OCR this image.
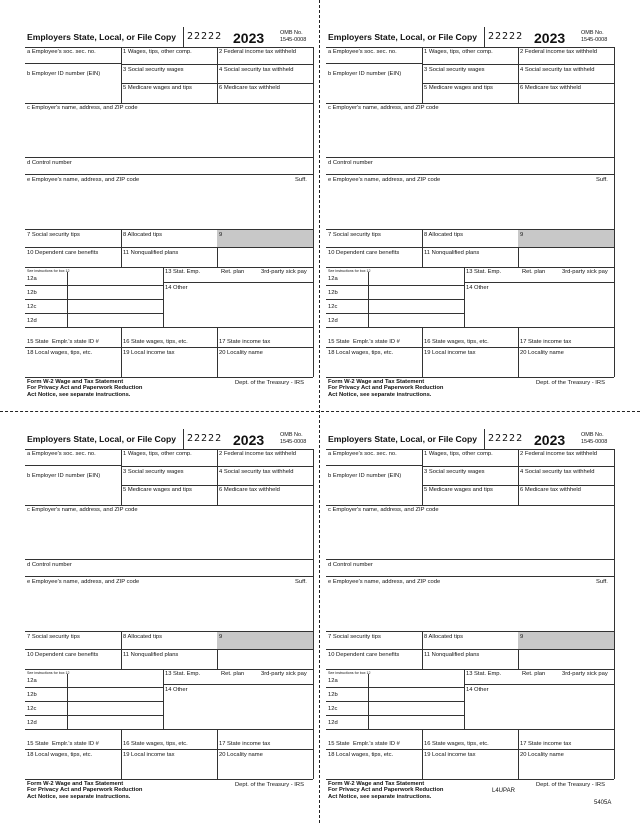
Employers State, Local, or File Copy 22222 2023	OMB No.
1545-0008
a Employee's soc. sec. no.
b Employer ID number (EIN)
1 Wages, tips, other comp.	2 Federal income tax withheld
3 Social security wages	4 Social security tax withheld
5 Medicare wages and tips	6 Medicare tax withheld
c Employer's name, address, and ZIP code
d Control number
e Employee's name, address, and ZIP code	Suff.
7 Social security tips	8 Allocated tips	9
10 Dependent care benefits	11 Nonqualified plans
See instructions for box 12
12a
12b
12c
12d
13 Stat. Emp.	Ret. plan	3rd-party sick pay
14 Other
15 State Emplr.'s state ID #	16 State wages, tips, etc.	17 State income tax
18 Local wages, tips, etc.	19 Local income tax	20 Locality name
Form W-2 Wage and Tax Statement
For Privacy Act and Paperwork Reduction
Act Notice, see separate instructions.
Dept. of the Treasury - IRS
Employers State, Local, or File Copy 22222 2023	OMB No.
1545-0008
a Employee's soc. sec. no.
b Employer ID number (EIN)
1 Wages, tips, other comp.	2 Federal income tax withheld
3 Social security wages	4 Social security tax withheld
5 Medicare wages and tips	6 Medicare tax withheld
c Employer's name, address, and ZIP code
d Control number
e Employee's name, address, and ZIP code	Suff.
7 Social security tips	8 Allocated tips	9
10 Dependent care benefits	11 Nonqualified plans
See instructions for box 12
12a
12b
12c
12d
13 Stat. Emp.	Ret. plan	3rd-party sick pay
14 Other
15 State Emplr.'s state ID #	16 State wages, tips, etc.	17 State income tax
18 Local wages, tips, etc.	19 Local income tax	20 Locality name
Form W-2 Wage and Tax Statement
For Privacy Act and Paperwork Reduction
Act Notice, see separate instructions.
Dept. of the Treasury - IRS
Employers State, Local, or File Copy 22222 2023	OMB No.
1545-0008
a Employee's soc. sec. no.
b Employer ID number (EIN)
1 Wages, tips, other comp.	2 Federal income tax withheld
3 Social security wages	4 Social security tax withheld
5 Medicare wages and tips	6 Medicare tax withheld
c Employer's name, address, and ZIP code
d Control number
e Employee's name, address, and ZIP code	Suff.
7 Social security tips	8 Allocated tips	9
10 Dependent care benefits	11 Nonqualified plans
See instructions for box 12
12a
12b
12c
12d
13 Stat. Emp.	Ret. plan	3rd-party sick pay
14 Other
15 State Emplr.'s state ID #	16 State wages, tips, etc.	17 State income tax
18 Local wages, tips, etc.	19 Local income tax	20 Locality name
Form W-2 Wage and Tax Statement
For Privacy Act and Paperwork Reduction
Act Notice, see separate instructions.
Dept. of the Treasury - IRS
Employers State, Local, or File Copy 22222 2023	OMB No.
1545-0008
a Employee's soc. sec. no.
b Employer ID number (EIN)
1 Wages, tips, other comp.	2 Federal income tax withheld
3 Social security wages	4 Social security tax withheld
5 Medicare wages and tips	6 Medicare tax withheld
c Employer's name, address, and ZIP code
d Control number
e Employee's name, address, and ZIP code	Suff.
7 Social security tips	8 Allocated tips	9
10 Dependent care benefits	11 Nonqualified plans
See instructions for box 12
12a
12b
12c
12d
13 Stat. Emp.	Ret. plan	3rd-party sick pay
14 Other
15 State Emplr.'s state ID #	16 State wages, tips, etc.	17 State income tax
18 Local wages, tips, etc.	19 Local income tax	20 Locality name
Form W-2 Wage and Tax Statement
For Privacy Act and Paperwork Reduction
Act Notice, see separate instructions.
Dept. of the Treasury - IRS
L4UPAR
5405A
